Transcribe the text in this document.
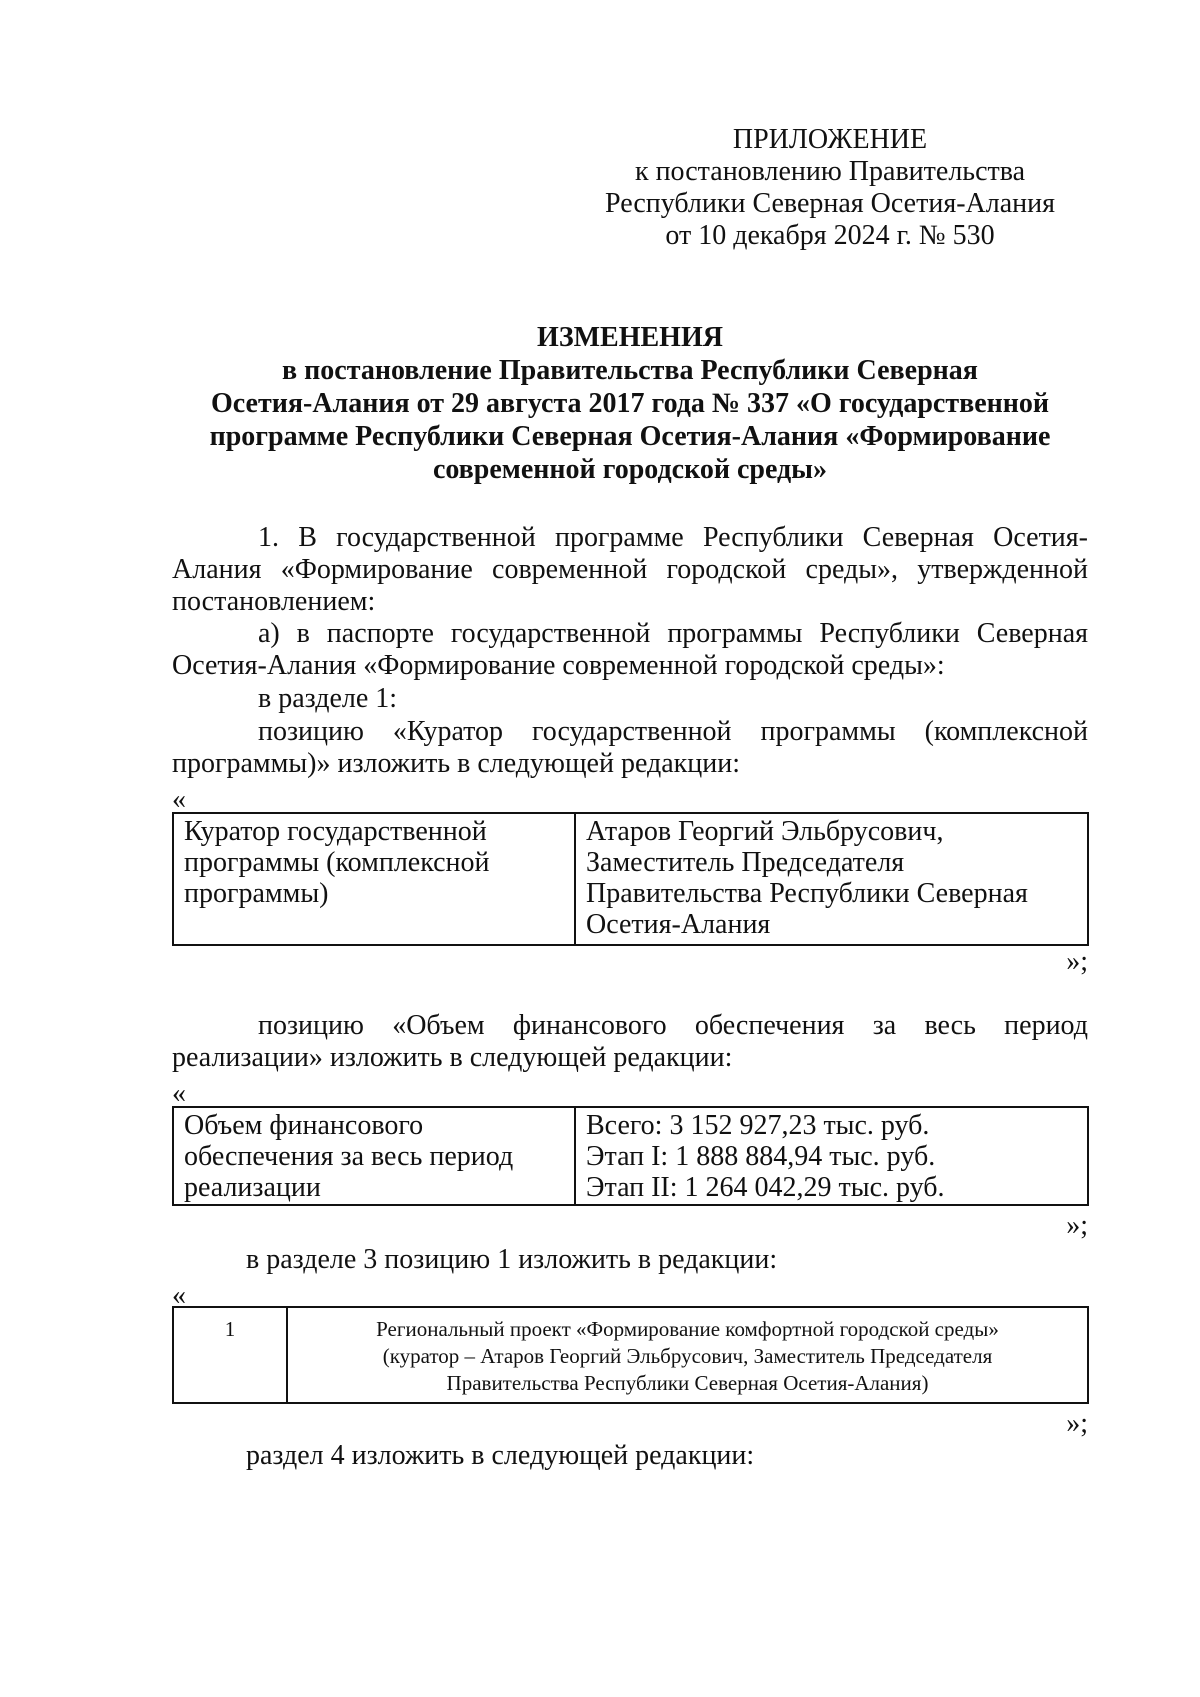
ПРИЛОЖЕНИЕ
к постановлению Правительства
Республики Северная Осетия-Алания
от 10 декабря 2024 г. № 530
ИЗМЕНЕНИЯ
в постановление Правительства Республики Северная
Осетия-Алания от 29 августа 2017 года № 337 «О государственной
программе Республики Северная Осетия-Алания «Формирование
современной городской среды»
1. В государственной программе Республики Северная Осетия-
Алания «Формирование современной городской среды», утвержденной
постановлением:
а) в паспорте государственной программы Республики Северная
Осетия-Алания «Формирование современной городской среды»:
в разделе 1:
позицию «Куратор государственной программы (комплексной
программы)» изложить в следующей редакции:
«
Куратор государственной
программы (комплексной
программы)
Атаров Георгий Эльбрусович,
Заместитель Председателя
Правительства Республики Северная
Осетия-Алания
»;
позицию «Объем финансового обеспечения за весь период
реализации» изложить в следующей редакции:
«
Объем финансового
обеспечения за весь период
реализации
Всего: 3 152 927,23 тыс. руб.
Этап I: 1 888 884,94 тыс. руб.
Этап II: 1 264 042,29 тыс. руб.
»;
в разделе 3 позицию 1 изложить в редакции:
«
1	Региональный проект «Формирование комфортной городской среды»
(куратор – Атаров Георгий Эльбрусович, Заместитель Председателя
Правительства Республики Северная Осетия-Алания)
»;
раздел 4 изложить в следующей редакции:
